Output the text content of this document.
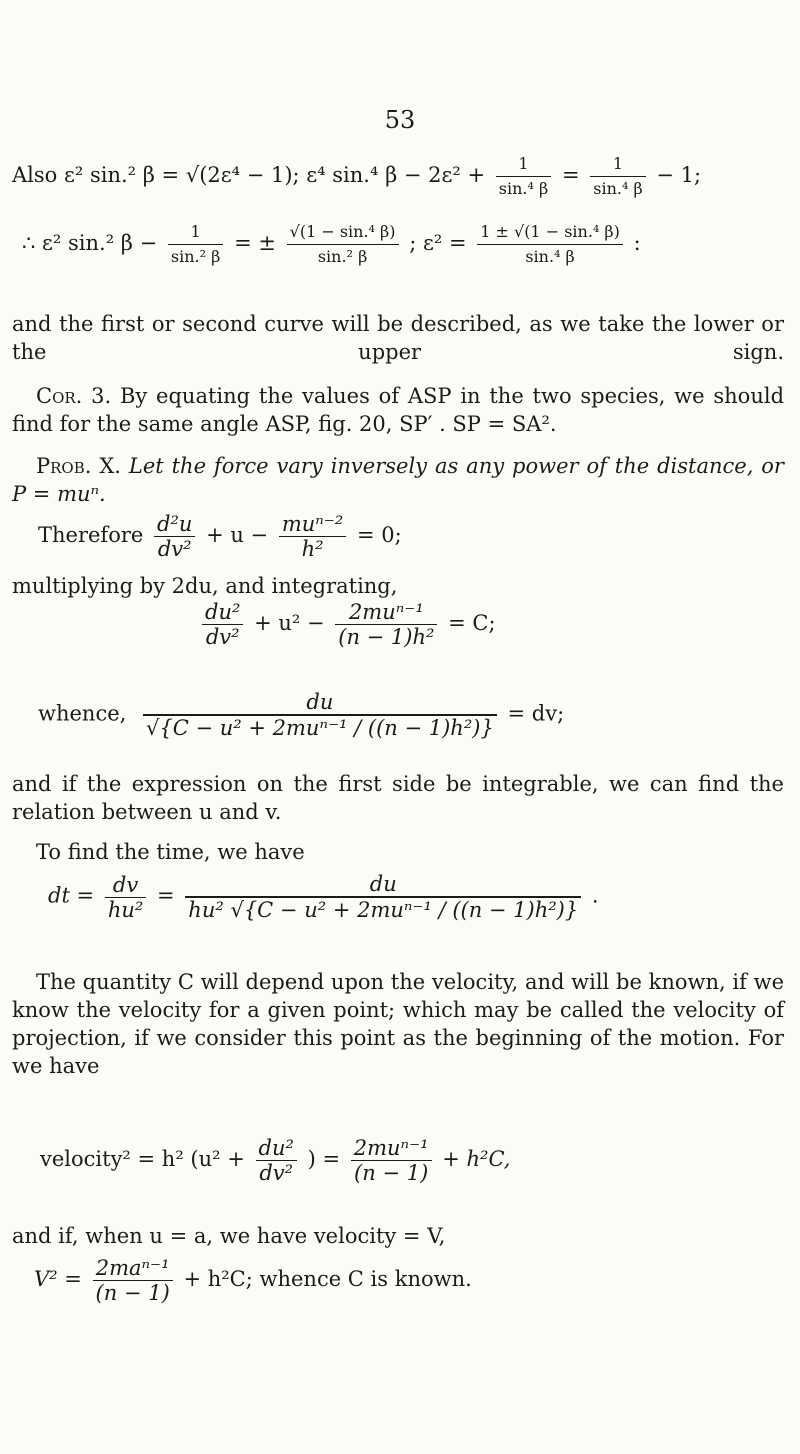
53
Also ε² sin.² β = √(2ε⁴ − 1); ε⁴ sin.⁴ $\beta - 2\varepsilon^2 + \frac{1}{\text{sin.⁴ β}} = \frac{1}{\text{sin.⁴ β}} - 1$;
∴ ε² sin.² $\beta - \frac{1}{\text{sin.² β}}$ = ± $\frac{\text{√(1 − sin.⁴ β)}}{\text{sin.² β}}$ ; $\varepsilon^2 = \frac{\text{1 ± √(1 − sin.⁴ β)}}{\text{sin.⁴ β}}$ :
and the first or second curve will be described, as we take the lower or the upper sign.
Cor. 3. By equating the values of ASP in the two species, we should find for the same angle ASP, fig. 20, SP′ . SP = SA².
Prob. X. Let the force vary inversely as any power of the distance, or P = muⁿ.
Therefore $\frac{\text{d²u}}{\text{dv²}} + u - \frac{\text{muⁿ⁻²}}{\text{h²}} = 0$;
multiplying by 2du, and integrating,
$\frac{\text{du²}}{\text{dv²}} + u^2 - \frac{\text{2muⁿ⁻¹}}{\text{(n − 1)h²}} = C$;
whence, $\frac{du}{\text{√\{C − u² + 2muⁿ⁻¹ / ((n − 1)h²)\}}}$ = dv;
and if the expression on the first side be integrable, we can find the relation between u and v.
To find the time, we have
dt = $\frac{dv}{\text{hu²}} = \frac{du}{\text{hu² √\{C − u² + 2muⁿ⁻¹ / ((n − 1)h²)\}}}$ .
The quantity C will depend upon the velocity, and will be known, if we know the velocity for a given point; which may be called the velocity of projection, if we consider this point as the beginning of the motion. For we have
velocity² = h² ($u^2 + \frac{\text{du²}}{\text{dv²}}$ ) = $\frac{\text{2muⁿ⁻¹}}{(n - 1)} + h^2C$,
and if, when u = a, we have velocity = V,
$V^2 = \frac{\text{2maⁿ⁻¹}}{(n - 1)} + h^2C$; whence C is known.
